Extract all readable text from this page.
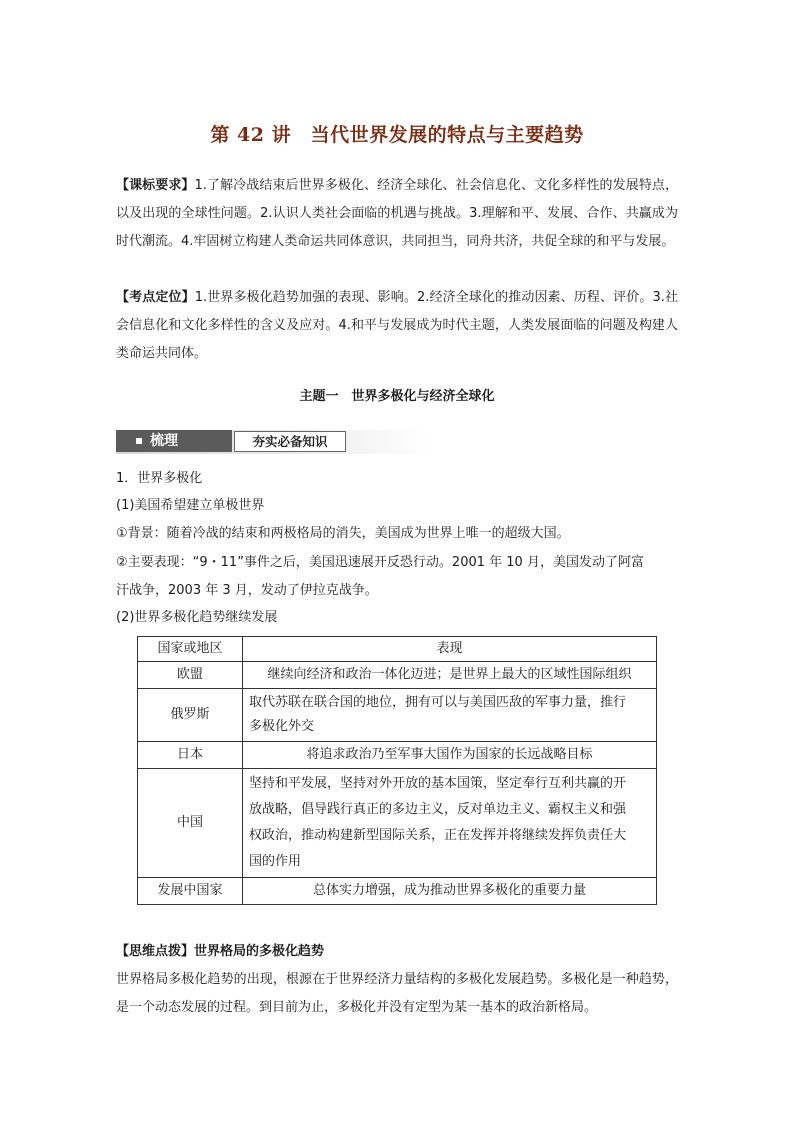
第 42 讲　当代世界发展的特点与主要趋势
【课标要求】1.了解冷战结束后世界多极化、经济全球化、社会信息化、文化多样性的发展特点，以及出现的全球性问题。2.认识人类社会面临的机遇与挑战。3.理解和平、发展、合作、共赢成为时代潮流。4.牢固树立构建人类命运共同体意识，共同担当，同舟共济，共促全球的和平与发展。
【考点定位】1.世界多极化趋势加强的表现、影响。2.经济全球化的推动因素、历程、评价。3.社会信息化和文化多样性的含义及应对。4.和平与发展成为时代主题，人类发展面临的问题及构建人类命运共同体。
主题一　世界多极化与经济全球化
梳理	夯实必备知识
1．世界多极化
(1)美国希望建立单极世界
①背景：随着冷战的结束和两极格局的消失，美国成为世界上唯一的超级大国。
②主要表现：“9・11”事件之后，美国迅速展开反恐行动。2001 年 10 月，美国发动了阿富
汗战争，2003 年 3 月，发动了伊拉克战争。
(2)世界多极化趋势继续发展
国家或地区	表现
欧盟	继续向经济和政治一体化迈进；是世界上最大的区域性国际组织

俄罗斯	取代苏联在联合国的地位，拥有可以与美国匹敌的军事力量，推行
多极化外交

日本	将追求政治乃至军事大国作为国家的长远战略目标

中国	坚持和平发展，坚持对外开放的基本国策，坚定奉行互利共赢的开
放战略，倡导践行真正的多边主义，反对单边主义、霸权主义和强
权政治，推动构建新型国际关系，正在发挥并将继续发挥负责任大
国的作用

发展中国家	总体实力增强，成为推动世界多极化的重要力量
【思维点拨】世界格局的多极化趋势
世界格局多极化趋势的出现，根源在于世界经济力量结构的多极化发展趋势。多极化是一种趋势，是一个动态发展的过程。到目前为止，多极化并没有定型为某一基本的政治新格局。
